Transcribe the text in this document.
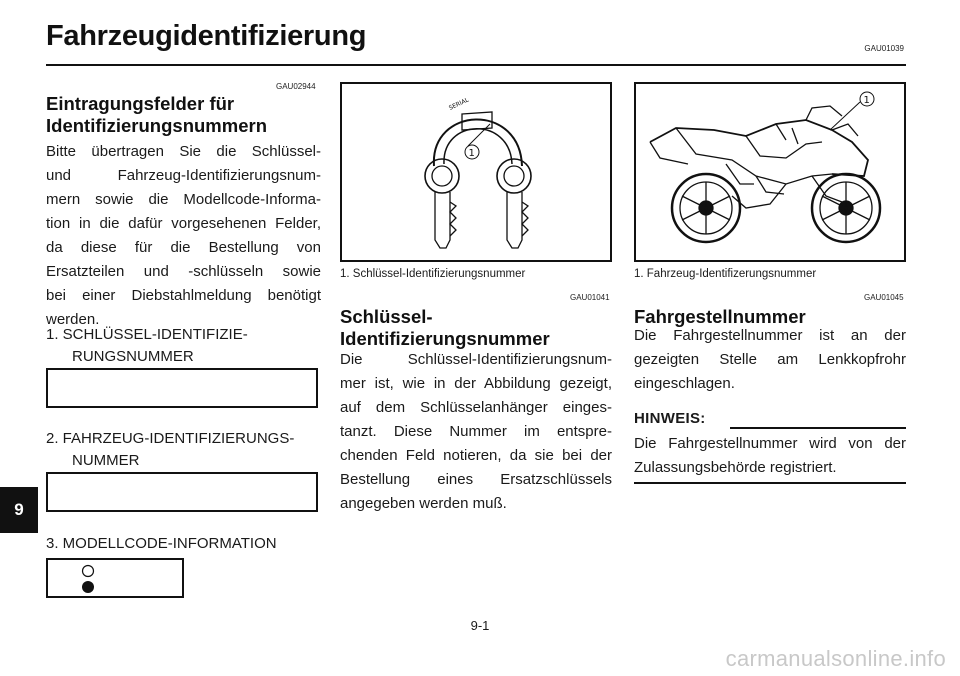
Fahrzeugidentifizierung	GAU01039
GAU02944
Eintragungsfelder für
Identifizierungsnummern
Bitte übertragen Sie die Schlüssel-
und Fahrzeug-Identifizierungsnum-
mern sowie die Modellcode-Informa-
tion in die dafür vorgesehenen Felder,
da diese für die Bestellung von
Ersatzteilen und -schlüsseln sowie
bei einer Diebstahlmeldung benötigt
werden.
1. SCHLÜSSEL-IDENTIFIZIE-
RUNGSNUMMER
2. FAHRZEUG-IDENTIFIZIERUNGS-
NUMMER
3. MODELLCODE-INFORMATION
SERIAL
1
1. Schlüssel-Identifizierungsnummer
GAU01041
Schlüssel-
Identifizierungsnummer
Die Schlüssel-Identifizierungsnum-
mer ist, wie in der Abbildung gezeigt,
auf dem Schlüsselanhänger einges-
tanzt. Diese Nummer im entspre-
chenden Feld notieren, da sie bei der
Bestellung eines Ersatzschlüssels
angegeben werden muß.
1
1. Fahrzeug-Identifizerungsnummer
GAU01045
Fahrgestellnummer
Die Fahrgestellnummer ist an der
gezeigten Stelle am Lenkkopfrohr
eingeschlagen.
HINWEIS:
Die Fahrgestellnummer wird von der
Zulassungsbehörde registriert.
9
9-1
carmanualsonline.info
